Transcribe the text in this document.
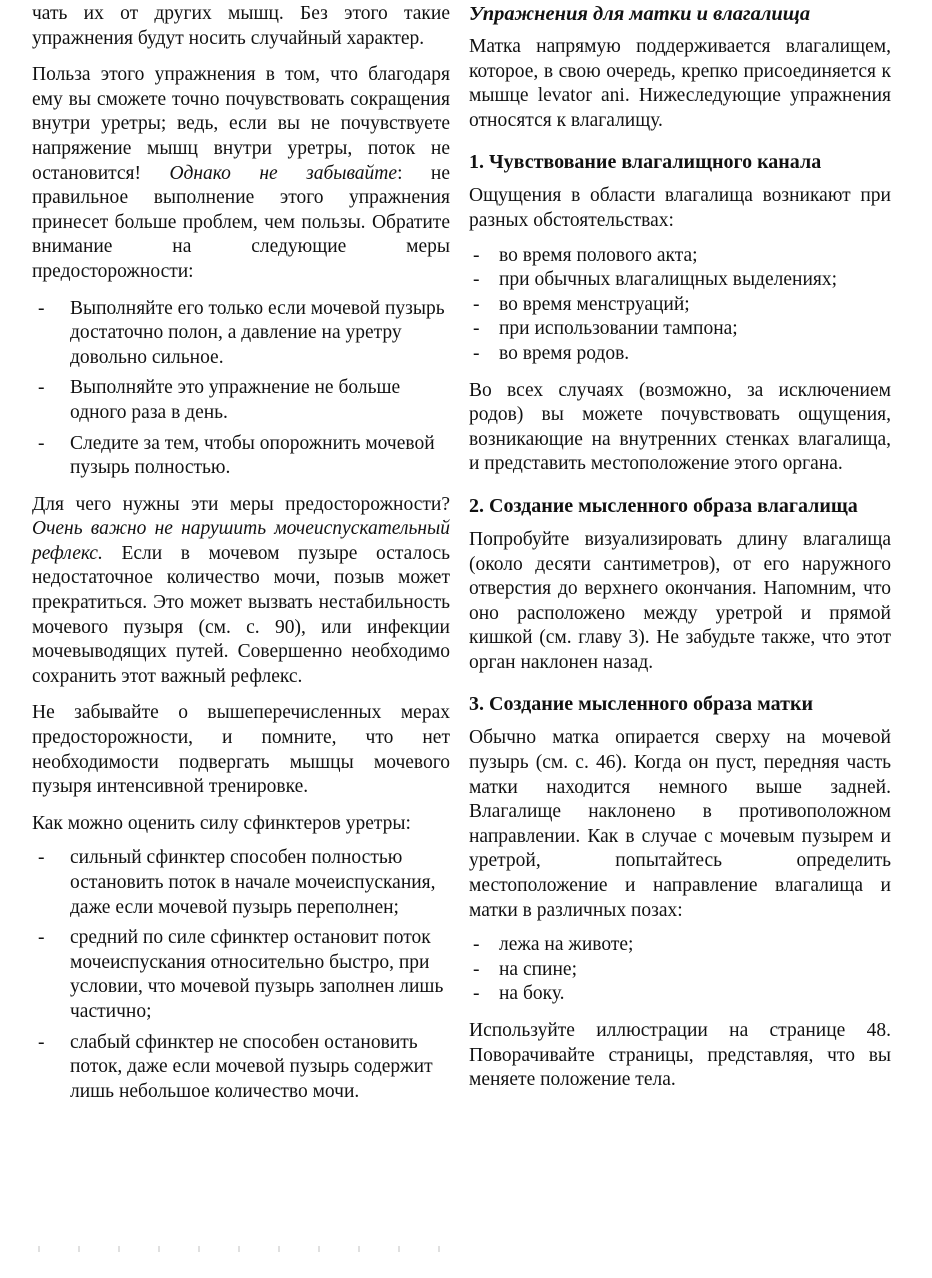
чать их от других мышц. Без этого такие упражнения будут носить случайный характер.

Польза этого упражнения в том, что благодаря ему вы сможете точно почувствовать сокращения внутри уретры; ведь, если вы не почувствуете напряжение мышц внутри уретры, поток не остановится! Однако не забывайте: не правильное выполнение этого упражнения принесет больше проблем, чем пользы. Обратите внимание на следующие меры предосторожности:

- Выполняйте его только если мочевой пузырь достаточно полон, а давление на уретру довольно сильное.
- Выполняйте это упражнение не больше одного раза в день.
- Следите за тем, чтобы опорожнить мочевой пузырь полностью.

Для чего нужны эти меры предосторожности? Очень важно не нарушить мочеиспускательный рефлекс. Если в мочевом пузыре осталось недостаточное количество мочи, позыв может прекратиться. Это может вызвать нестабильность мочевого пузыря (см. с. 90), или инфекции мочевыводящих путей. Совершенно необходимо сохранить этот важный рефлекс.

Не забывайте о вышеперечисленных мерах предосторожности, и помните, что нет необходимости подвергать мышцы мочевого пузыря интенсивной тренировке.

Как можно оценить силу сфинктеров уретры:

- сильный сфинктер способен полностью остановить поток в начале мочеиспускания, даже если мочевой пузырь переполнен;
- средний по силе сфинктер остановит поток мочеиспускания относительно быстро, при условии, что мочевой пузырь заполнен лишь частично;
- слабый сфинктер не способен остановить поток, даже если мочевой пузырь содержит лишь небольшое количество мочи.
Упражнения для матки и влагалища

Матка напрямую поддерживается влагалищем, которое, в свою очередь, крепко присоединяется к мышце levator ani. Нижеследующие упражнения относятся к влагалищу.

1. Чувствование влагалищного канала

Ощущения в области влагалища возникают при разных обстоятельствах:

- во время полового акта;
- при обычных влагалищных выделениях;
- во время менструаций;
- при использовании тампона;
- во время родов.

Во всех случаях (возможно, за исключением родов) вы можете почувствовать ощущения, возникающие на внутренних стенках влагалища, и представить местоположение этого органа.

2. Создание мысленного образа влагалища

Попробуйте визуализировать длину влагалища (около десяти сантиметров), от его наружного отверстия до верхнего окончания. Напомним, что оно расположено между уретрой и прямой кишкой (см. главу 3). Не забудьте также, что этот орган наклонен назад.

3. Создание мысленного образа матки

Обычно матка опирается сверху на мочевой пузырь (см. с. 46). Когда он пуст, передняя часть матки находится немного выше задней. Влагалище наклонено в противоположном направлении. Как в случае с мочевым пузырем и уретрой, попытайтесь определить местоположение и направление влагалища и матки в различных позах:

- лежа на животе;
- на спине;
- на боку.

Используйте иллюстрации на странице 48. Поворачивайте страницы, представляя, что вы меняете положение тела.
